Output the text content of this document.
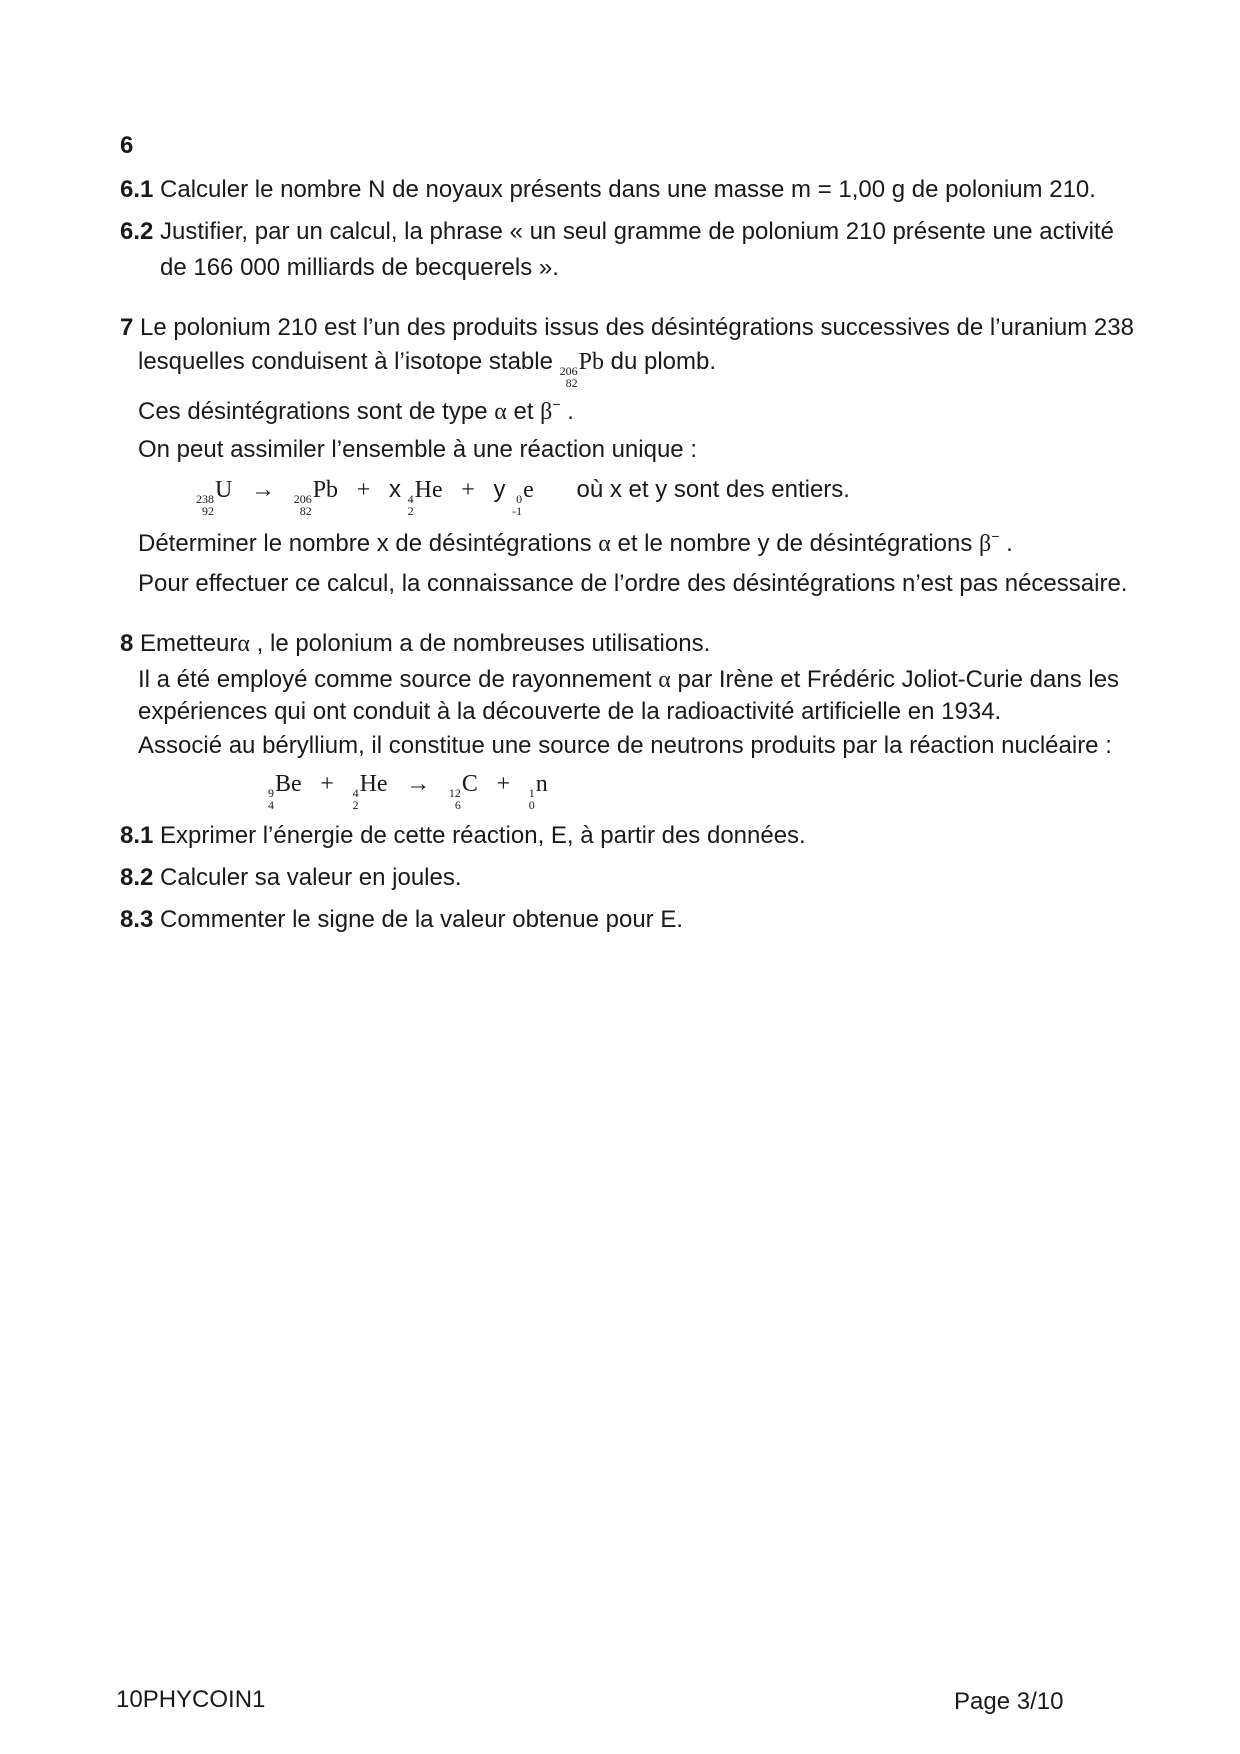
6
6.1 Calculer le nombre N de noyaux présents dans une masse m = 1,00 g de polonium 210.
6.2 Justifier, par un calcul, la phrase « un seul gramme de polonium 210 présente une activité
de 166 000 milliards de becquerels ».
7 Le polonium 210 est l’un des produits issus des désintégrations successives de l’uranium 238
lesquelles conduisent à l’isotope stable 206
82
Pb du plomb.
Ces désintégrations sont de type α et β− .
On peut assimiler l’ensemble à une réaction unique :
238
92
U → 206
82
Pb + x 4
2
He + y 0
-1
e où x et y sont des entiers.
Déterminer le nombre x de désintégrations α et le nombre y de désintégrations β− .
Pour effectuer ce calcul, la connaissance de l’ordre des désintégrations n’est pas nécessaire.
8 Emetteurα , le polonium a de nombreuses utilisations.
Il a été employé comme source de rayonnement α par Irène et Frédéric Joliot-Curie dans les
expériences qui ont conduit à la découverte de la radioactivité artificielle en 1934.
Associé au béryllium, il constitue une source de neutrons produits par la réaction nucléaire :
9
4
Be + 4
2
He → 12
6
C + 1
0
n
8.1 Exprimer l’énergie de cette réaction, E, à partir des données.
8.2 Calculer sa valeur en joules.
8.3 Commenter le signe de la valeur obtenue pour E.
10PHYCOIN1	Page 3/10
